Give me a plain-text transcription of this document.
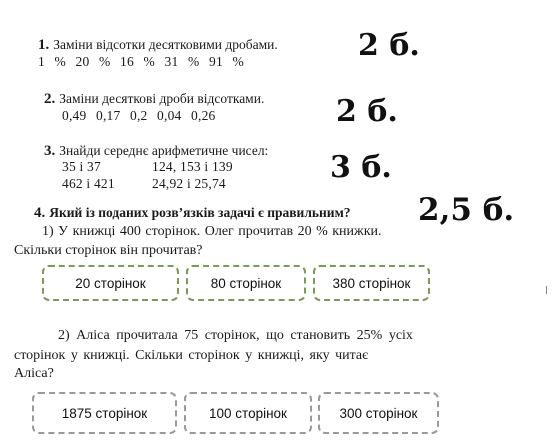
1. Заміни відсотки десятковими дробами.
1 % 20 % 16 % 31 % 91 %	2 б.
2. Заміни десяткові дроби відсотками.
0,49 0,17 0,2 0,04 0,26	2 б.
3. Знайди середнє арифметичне чисел:
35 і 37	124, 153 і 139
462 і 421	24,92 і 25,74	3 б.
4. Який із поданих розв’язків задачі є правильним? 2,5 б.
1) У книжці 400 сторінок. Олег прочитав 20 % книжки.
Скільки сторінок він прочитав?
20 сторінок	80 сторінок	380 сторінок
2) Аліса прочитала 75 сторінок, що становить 25% усіх
сторінок у книжці. Скільки сторінок у книжці, яку читає
Аліса?
1875 сторінок	100 сторінок	300 сторінок
